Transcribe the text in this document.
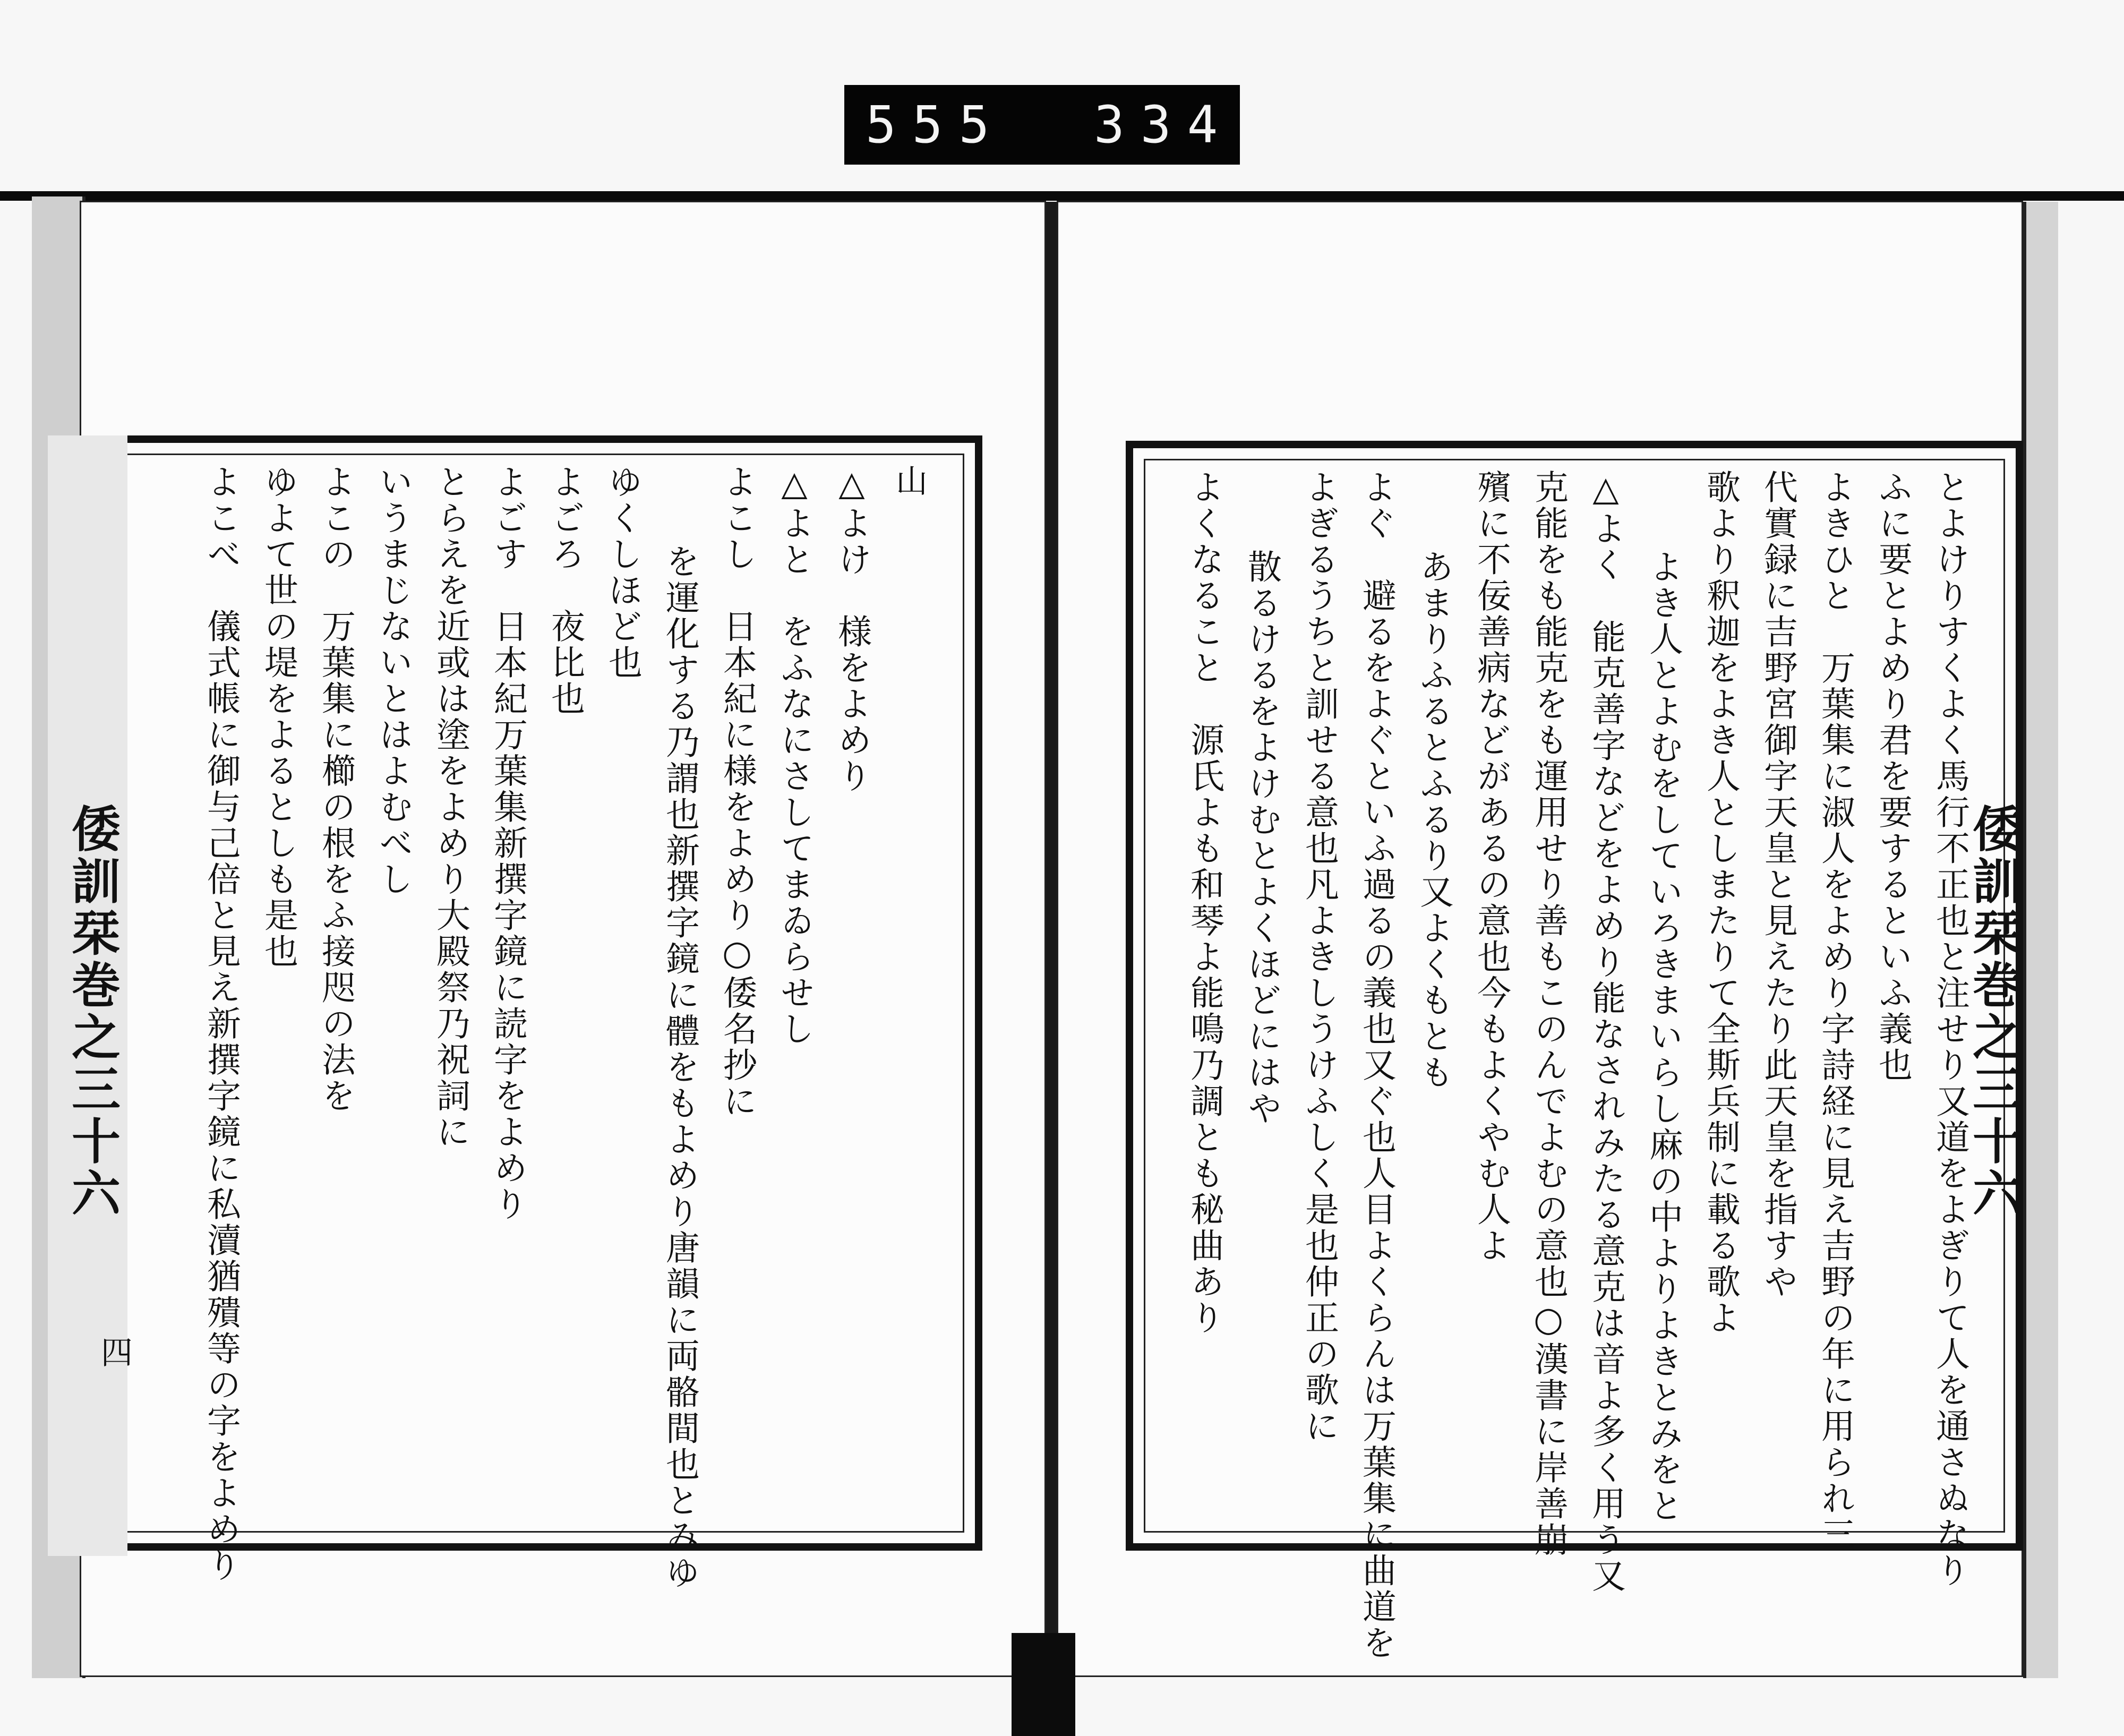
555 334

山

△よけ　様をよめり

△よと　をふなにさしてまゐらせし

よこし　日本紀に様をよめり○倭名抄に

を運化する乃謂也新撰字鏡に體をもよめり唐韻に両骼間也とみゆ

ゆくしほど也

よごろ　夜比也

よごす　日本紀万葉集新撰字鏡に読字をよめり

とらえを近或は塗をよめり大殿祭乃祝詞に

いうまじないとはよむべし

よこの　万葉集に櫛の根をふ接咫の法を

ゆよて世の堤をよるとしも是也

よこべ　儀式帳に御与己倍と見え新撰字鏡に私瀆猶殨等の字をよめり

倭訓栞
巻之三十六
四	とよけりすくよく馬行不正也と注せり又道をよぎりて人を通さぬなり

ふに要とよめり君を要するといふ義也

よきひと　万葉集に淑人をよめり字詩経に見え吉野の年に用られ三

代實録に吉野宮御字天皇と見えたり此天皇を指すや

歌より釈迦をよき人としまたりて全斯兵制に載る歌よ

よき人とよむをしていろきまいらし麻の中よりよきとみをと

△よく　能克善字などをよめり能なされみたる意克は音よ多く用う又

克能をも能克をも運用せり善もこのんでよむの意也○漢書に岸善崩

殯に不佞善病などがあるの意也今もよくやむ人よ

あまりふるとふるり又よくもとも

よぐ　避るをよぐといふ過るの義也又ぐ也人目よくらんは万葉集に曲道を

よぎるうちと訓せる意也凡よきしうけふしく是也仲正の歌に

散るけるをよけむとよくほどにはや

よくなること　源氏よも和琴よ能鳴乃調とも秘曲あり	倭訓栞
巻之三十六
